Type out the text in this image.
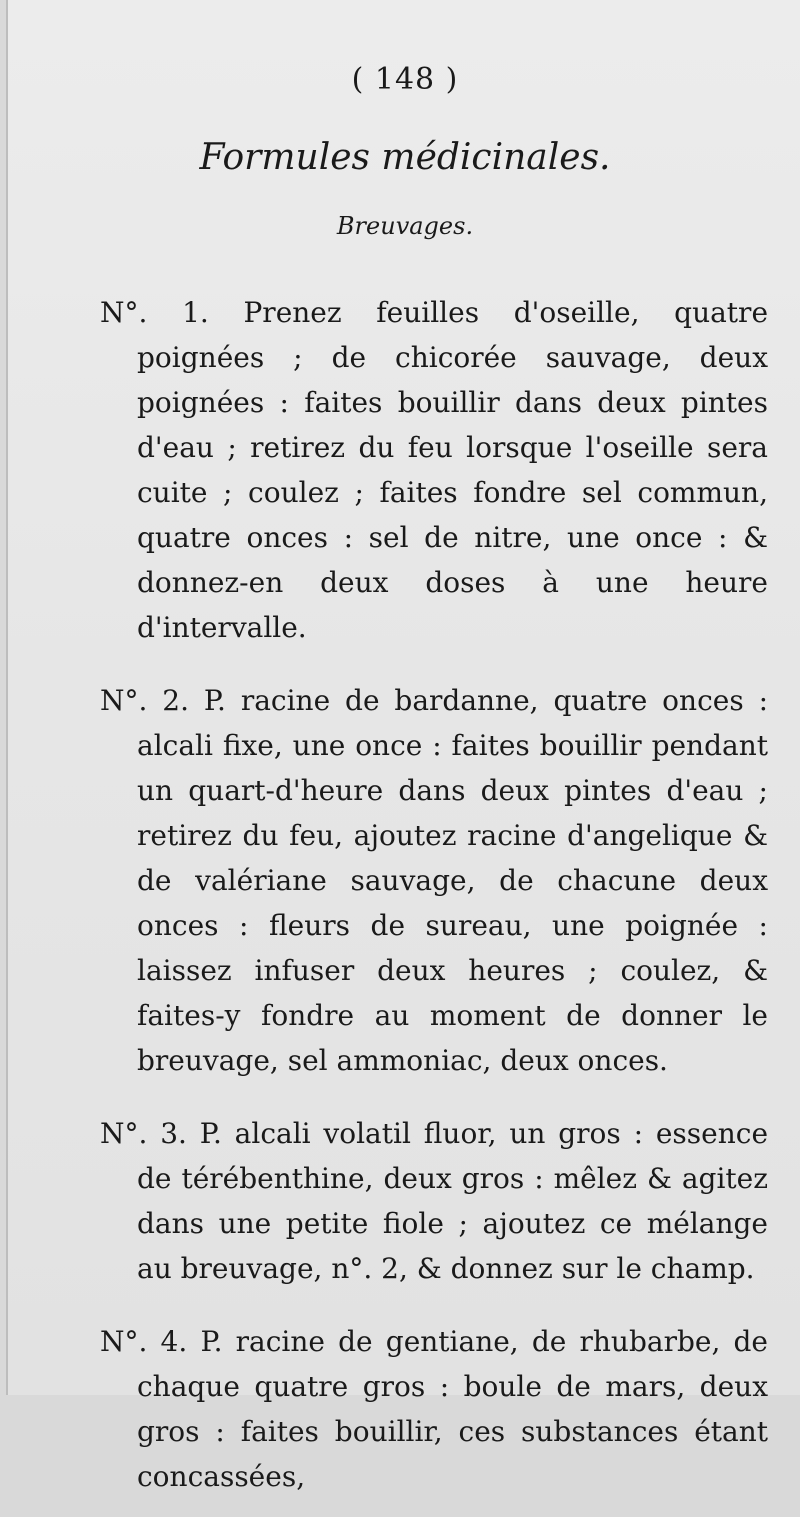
( 148 )
Formules médicinales.
Breuvages.

N°. 1. Prenez feuilles d'oseille, quatre poignées ; de chicorée sauvage, deux poignées : faites bouillir dans deux pintes d'eau ; retirez du feu lorsque l'oseille sera cuite ; coulez ; faites fondre sel commun, quatre onces : sel de nitre, une once : & donnez-en deux doses à une heure d'intervalle.

N°. 2. P. racine de bardanne, quatre onces : alcali fixe, une once : faites bouillir pendant un quart-d'heure dans deux pintes d'eau ; retirez du feu, ajoutez racine d'angelique & de valériane sauvage, de chacune deux onces : fleurs de sureau, une poignée : laissez infuser deux heures ; coulez, & faites-y fondre au moment de donner le breuvage, sel ammoniac, deux onces.

N°. 3. P. alcali volatil fluor, un gros : essence de térébenthine, deux gros : mêlez & agitez dans une petite fiole ; ajoutez ce mélange au breuvage, n°. 2, & donnez sur le champ.

N°. 4. P. racine de gentiane, de rhubarbe, de chaque quatre gros : boule de mars, deux gros : faites bouillir, ces substances étant concassées,
